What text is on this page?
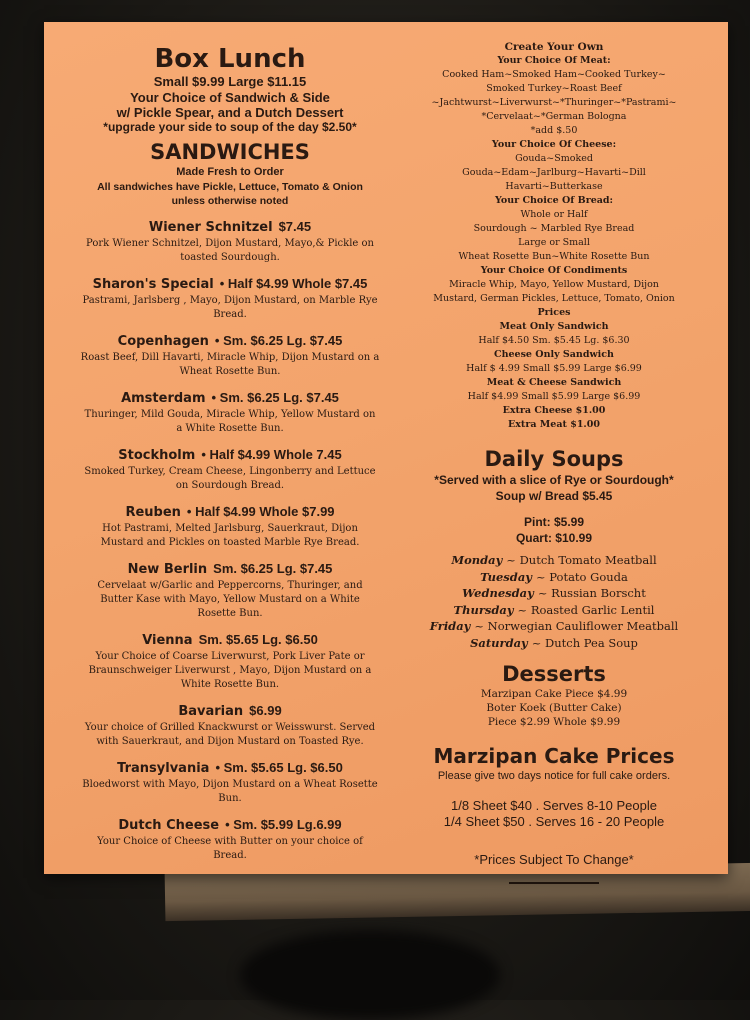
Box Lunch
Small $9.99 Large $11.15
Your Choice of Sandwich & Side
w/ Pickle Spear, and a Dutch Dessert
*upgrade your side to soup of the day $2.50*
SANDWICHES
Made Fresh to Order
All sandwiches have Pickle, Lettuce, Tomato & Onion unless otherwise noted
Wiener Schnitzel $7.45
Pork Wiener Schnitzel, Dijon Mustard, Mayo,& Pickle on toasted Sourdough.
Sharon's Special • Half $4.99 Whole $7.45
Pastrami, Jarlsberg , Mayo, Dijon Mustard, on Marble Rye Bread.
Copenhagen • Sm. $6.25 Lg. $7.45
Roast Beef, Dill Havarti, Miracle Whip, Dijon Mustard on a Wheat Rosette Bun.
Amsterdam • Sm. $6.25 Lg. $7.45
Thuringer, Mild Gouda, Miracle Whip, Yellow Mustard on a White Rosette Bun.
Stockholm • Half $4.99 Whole 7.45
Smoked Turkey, Cream Cheese, Lingonberry and Lettuce on Sourdough Bread.
Reuben • Half $4.99 Whole $7.99
Hot Pastrami, Melted Jarlsburg, Sauerkraut, Dijon Mustard and Pickles on toasted Marble Rye Bread.
New Berlin Sm. $6.25 Lg. $7.45
Cervelaat w/Garlic and Peppercorns, Thuringer, and Butter Kase with Mayo, Yellow Mustard on a White Rosette Bun.
Vienna Sm. $5.65 Lg. $6.50
Your Choice of Coarse Liverwurst, Pork Liver Pate or Braunschweiger Liverwurst , Mayo, Dijon Mustard on a White Rosette Bun.
Bavarian $6.99
Your choice of Grilled Knackwurst or Weisswurst. Served with Sauerkraut, and Dijon Mustard on Toasted Rye.
Transylvania • Sm. $5.65 Lg. $6.50
Bloedworst with Mayo, Dijon Mustard on a Wheat Rosette Bun.
Dutch Cheese • Sm. $5.99 Lg.6.99
Your Choice of Cheese with Butter on your choice of Bread.
Create Your Own
Your Choice Of Meat:
Cooked Ham~Smoked Ham~Cooked Turkey~
Smoked Turkey~Roast Beef
~Jachtwurst~Liverwurst~*Thuringer~*Pastrami~
*Cervelaat~*German Bologna
*add $.50
Your Choice Of Cheese:
Gouda~Smoked
Gouda~Edam~Jarlburg~Havarti~Dill
Havarti~Butterkase
Your Choice Of Bread:
Whole or Half
Sourdough ~ Marbled Rye Bread
Large or Small
Wheat Rosette Bun~White Rosette Bun
Your Choice Of Condiments
Miracle Whip, Mayo, Yellow Mustard, Dijon
Mustard, German Pickles, Lettuce, Tomato, Onion
Prices
Meat Only Sandwich
Half $4.50 Sm. $5.45 Lg. $6.30
Cheese Only Sandwich
Half $ 4.99 Small $5.99 Large $6.99
Meat & Cheese Sandwich
Half $4.99 Small $5.99 Large $6.99
Extra Cheese $1.00
Extra Meat $1.00
Daily Soups
*Served with a slice of Rye or Sourdough*
Soup w/ Bread $5.45
Pint: $5.99
Quart: $10.99
Monday ~ Dutch Tomato Meatball
Tuesday ~ Potato Gouda
Wednesday ~ Russian Borscht
Thursday ~ Roasted Garlic Lentil
Friday ~ Norwegian Cauliflower Meatball
Saturday ~ Dutch Pea Soup
Desserts
Marzipan Cake Piece $4.99
Boter Koek (Butter Cake)
Piece $2.99 Whole $9.99
Marzipan Cake Prices
Please give two days notice for full cake orders.
1/8 Sheet $40 . Serves 8-10 People
1/4 Sheet $50 . Serves 16 - 20 People
*Prices Subject To Change*
